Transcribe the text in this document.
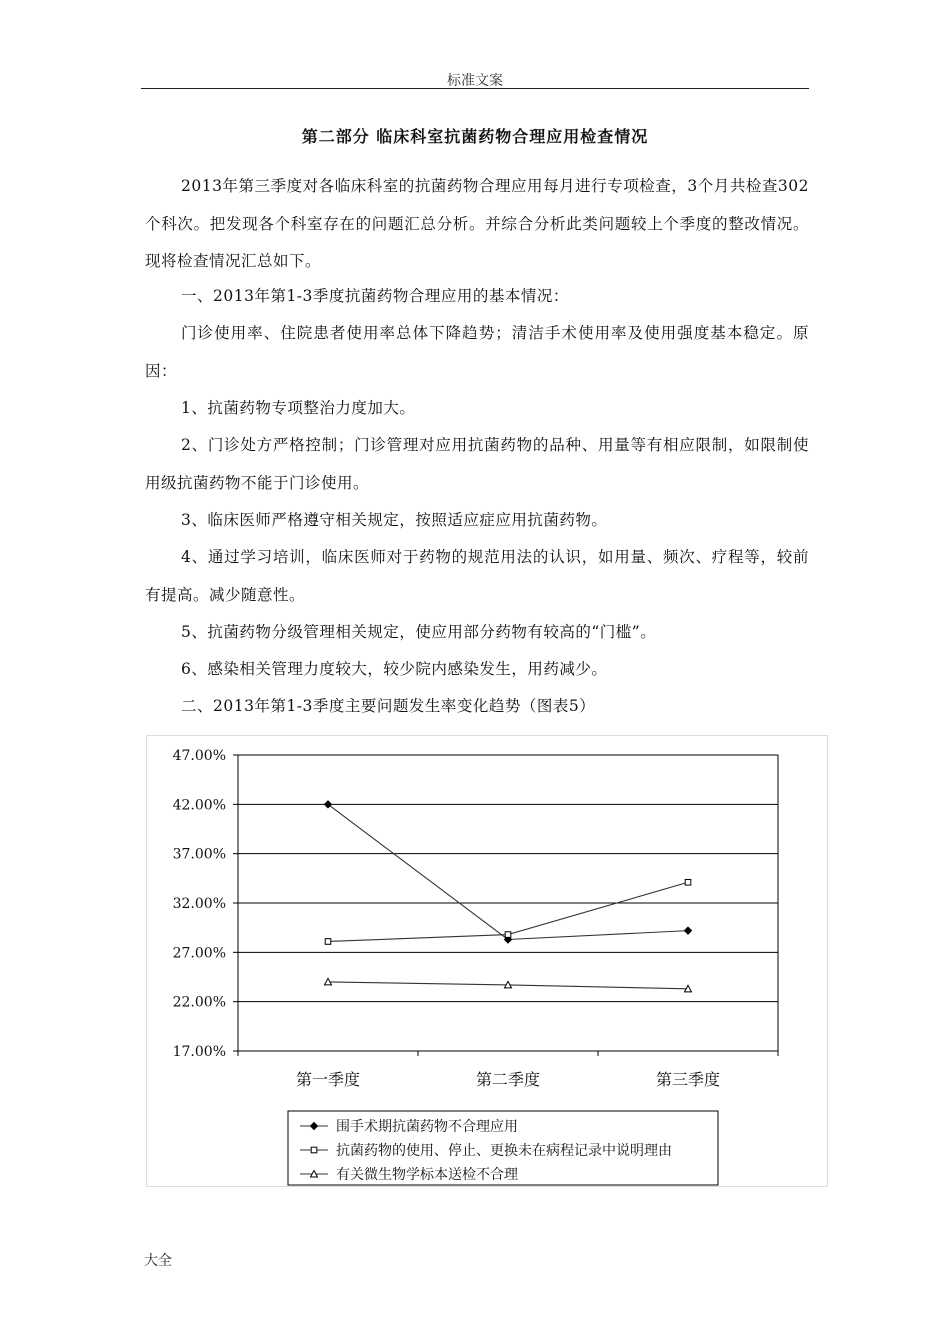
标准文案
第二部分 临床科室抗菌药物合理应用检查情况

2013年第三季度对各临床科室的抗菌药物合理应用每月进行专项检查，3个月共检查302个科次。把发现各个科室存在的问题汇总分析。并综合分析此类问题较上个季度的整改情况。现将检查情况汇总如下。

一、2013年第1-3季度抗菌药物合理应用的基本情况：

门诊使用率、住院患者使用率总体下降趋势；清洁手术使用率及使用强度基本稳定。原因：

1、抗菌药物专项整治力度加大。

2、门诊处方严格控制；门诊管理对应用抗菌药物的品种、用量等有相应限制，如限制使用级抗菌药物不能于门诊使用。

3、临床医师严格遵守相关规定，按照适应症应用抗菌药物。

4、通过学习培训，临床医师对于药物的规范用法的认识，如用量、频次、疗程等，较前有提高。减少随意性。

5、抗菌药物分级管理相关规定，使应用部分药物有较高的“门槛”。

6、感染相关管理力度较大，较少院内感染发生，用药减少。

二、2013年第1-3季度主要问题发生率变化趋势（图表5）

47.00%
42.00%
37.00%
32.00%
27.00%
22.00%
17.00%
第一季度	第二季度	第三季度
围手术期抗菌药物不合理应用
抗菌药物的使用、停止、更换未在病程记录中说明理由
有关微生物学标本送检不合理
大全
